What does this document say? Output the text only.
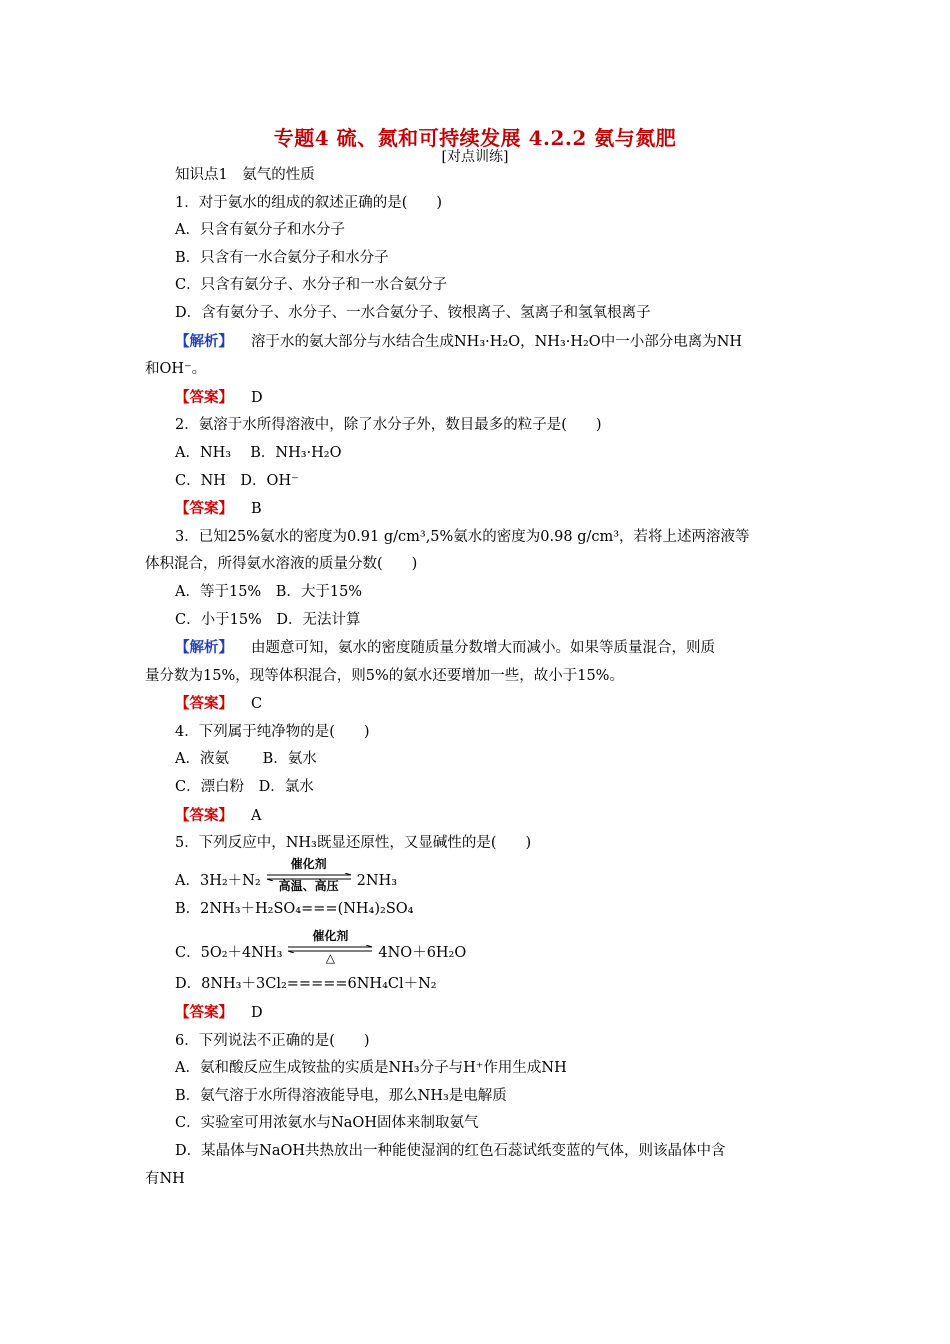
专题4 硫、氮和可持续发展 4.2.2 氨与氮肥
[对点训练]
知识点1　氨气的性质
1．对于氨水的组成的叙述正确的是(　　)
A．只含有氨分子和水分子
B．只含有一水合氨分子和水分子
C．只含有氨分子、水分子和一水合氨分子
D．含有氨分子、水分子、一水合氨分子、铵根离子、氢离子和氢氧根离子
【解析】 溶于水的氨大部分与水结合生成NH₃·H₂O，NH₃·H₂O中一小部分电离为NH
和OH⁻。
【答案】 D
2．氨溶于水所得溶液中，除了水分子外，数目最多的粒子是(　　)
A．NH₃　 B．NH₃·H₂O
C．NH　D．OH⁻
【答案】 B
3．已知25%氨水的密度为0.91 g/cm³,5%氨水的密度为0.98 g/cm³，若将上述两溶液等
体积混合，所得氨水溶液的质量分数(　　)
A．等于15%　B．大于15%
C．小于15%　D．无法计算
【解析】 由题意可知，氨水的密度随质量分数增大而减小。如果等质量混合，则质
量分数为15%，现等体积混合，则5%的氨水还要增加一些，故小于15%。
【答案】 C
4．下列属于纯净物的是(　　)
A．液氨　　 B．氨水
C．漂白粉　D．氯水
【答案】 A
5．下列反应中，NH₃既显还原性，又显碱性的是(　　)
A．3H₂＋N₂
催化剂
高温、高压	2NH₃
B．2NH₃＋H₂SO₄===(NH₄)₂SO₄
C．5O₂＋4NH₃
催化剂
△	4NO＋6H₂O
D．8NH₃＋3Cl₂=====6NH₄Cl＋N₂
【答案】 D
6．下列说法不正确的是(　　)
A．氨和酸反应生成铵盐的实质是NH₃分子与H⁺作用生成NH
B．氨气溶于水所得溶液能导电，那么NH₃是电解质
C．实验室可用浓氨水与NaOH固体来制取氨气
D．某晶体与NaOH共热放出一种能使湿润的红色石蕊试纸变蓝的气体，则该晶体中含
有NH
